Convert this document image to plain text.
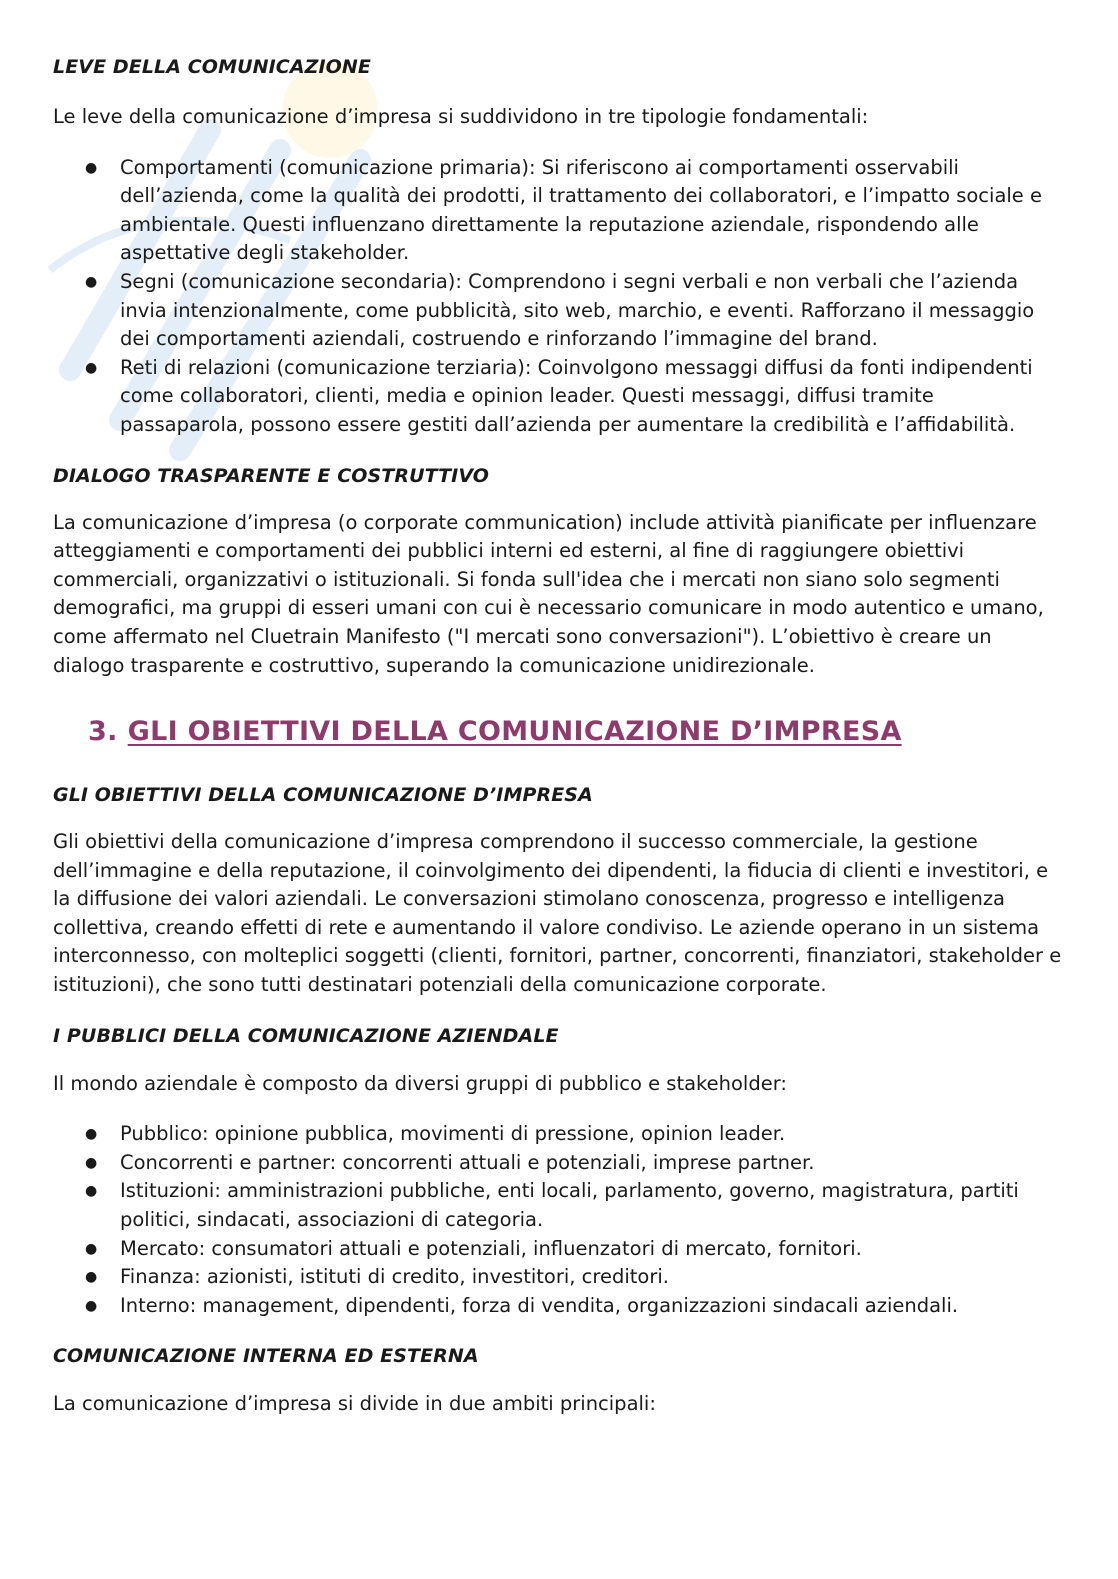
LEVE DELLA COMUNICAZIONE

Le leve della comunicazione d’impresa si suddividono in tre tipologie fondamentali:

● Comportamenti (comunicazione primaria): Si riferiscono ai comportamenti osservabili dell’azienda, come la qualità dei prodotti, il trattamento dei collaboratori, e l’impatto sociale e ambientale. Questi influenzano direttamente la reputazione aziendale, rispondendo alle aspettative degli stakeholder.
● Segni (comunicazione secondaria): Comprendono i segni verbali e non verbali che l’azienda invia intenzionalmente, come pubblicità, sito web, marchio, e eventi. Rafforzano il messaggio dei comportamenti aziendali, costruendo e rinforzando l’immagine del brand.
● Reti di relazioni (comunicazione terziaria): Coinvolgono messaggi diffusi da fonti indipendenti come collaboratori, clienti, media e opinion leader. Questi messaggi, diffusi tramite passaparola, possono essere gestiti dall’azienda per aumentare la credibilità e l’affidabilità.
DIALOGO TRASPARENTE E COSTRUTTIVO

La comunicazione d’impresa (o corporate communication) include attività pianificate per influenzare atteggiamenti e comportamenti dei pubblici interni ed esterni, al fine di raggiungere obiettivi commerciali, organizzativi o istituzionali. Si fonda sull'idea che i mercati non siano solo segmenti demografici, ma gruppi di esseri umani con cui è necessario comunicare in modo autentico e umano, come affermato nel Cluetrain Manifesto ("I mercati sono conversazioni"). L’obiettivo è creare un dialogo trasparente e costruttivo, superando la comunicazione unidirezionale.

3. GLI OBIETTIVI DELLA COMUNICAZIONE D’IMPRESA
GLI OBIETTIVI DELLA COMUNICAZIONE D’IMPRESA

Gli obiettivi della comunicazione d’impresa comprendono il successo commerciale, la gestione dell’immagine e della reputazione, il coinvolgimento dei dipendenti, la fiducia di clienti e investitori, e la diffusione dei valori aziendali. Le conversazioni stimolano conoscenza, progresso e intelligenza collettiva, creando effetti di rete e aumentando il valore condiviso. Le aziende operano in un sistema interconnesso, con molteplici soggetti (clienti, fornitori, partner, concorrenti, finanziatori, stakeholder e istituzioni), che sono tutti destinatari potenziali della comunicazione corporate.

I PUBBLICI DELLA COMUNICAZIONE AZIENDALE

Il mondo aziendale è composto da diversi gruppi di pubblico e stakeholder:

● Pubblico: opinione pubblica, movimenti di pressione, opinion leader.
● Concorrenti e partner: concorrenti attuali e potenziali, imprese partner.
● Istituzioni: amministrazioni pubbliche, enti locali, parlamento, governo, magistratura, partiti politici, sindacati, associazioni di categoria.
● Mercato: consumatori attuali e potenziali, influenzatori di mercato, fornitori.
● Finanza: azionisti, istituti di credito, investitori, creditori.
● Interno: management, dipendenti, forza di vendita, organizzazioni sindacali aziendali.
COMUNICAZIONE INTERNA ED ESTERNA

La comunicazione d’impresa si divide in due ambiti principali:
